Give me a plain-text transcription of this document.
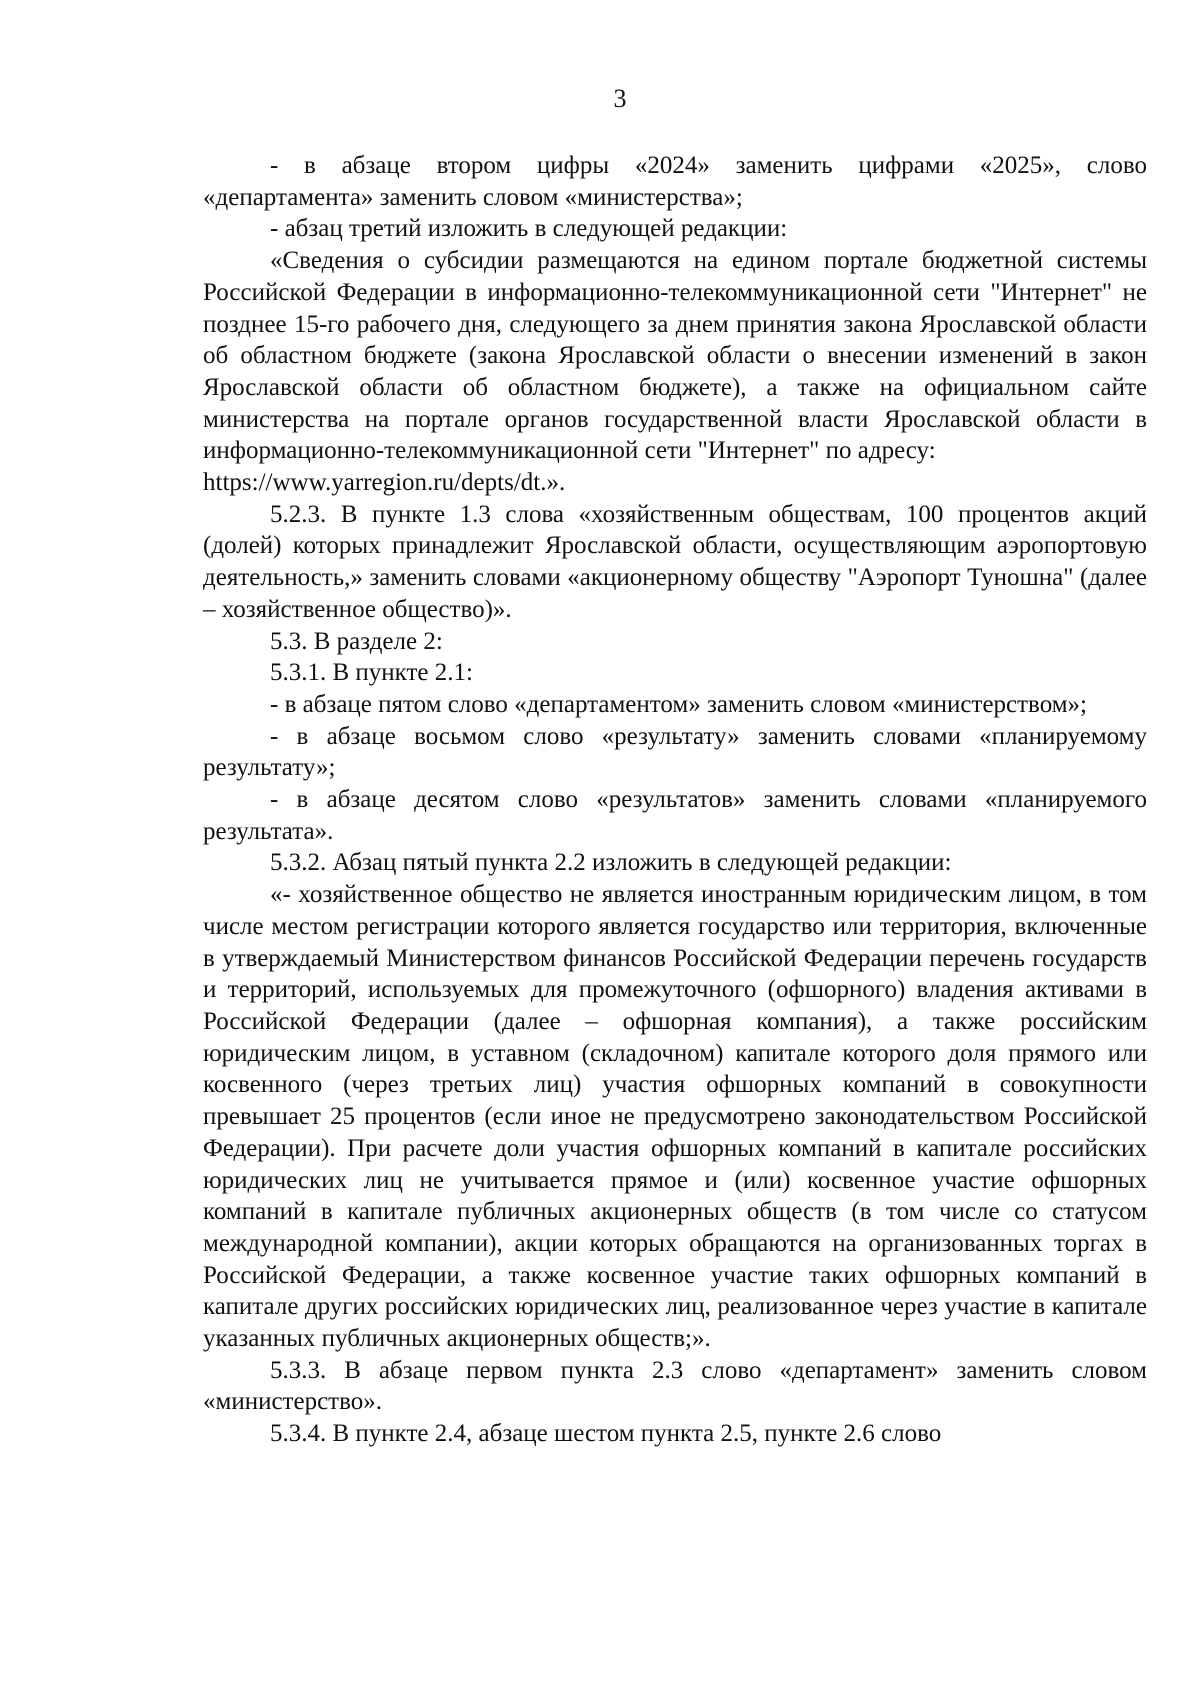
3

- в абзаце втором цифры «2024» заменить цифрами «2025», слово «департамента» заменить словом «министерства»;

- абзац третий изложить в следующей редакции:

«Сведения о субсидии размещаются на едином портале бюджетной системы Российской Федерации в информационно-телекоммуникационной сети "Интернет" не позднее 15-го рабочего дня, следующего за днем принятия закона Ярославской области об областном бюджете (закона Ярославской области о внесении изменений в закон Ярославской области об областном бюджете), а также на официальном сайте министерства на портале органов государственной власти Ярославской области в информационно-телекоммуникационной сети "Интернет" по адресу:

https://www.yarregion.ru/depts/dt.».

5.2.3. В пункте 1.3 слова «хозяйственным обществам, 100 процентов акций (долей) которых принадлежит Ярославской области, осуществляющим аэропортовую деятельность,» заменить словами «акционерному обществу "Аэропорт Туношна" (далее – хозяйственное общество)».

5.3. В разделе 2:

5.3.1. В пункте 2.1:

- в абзаце пятом слово «департаментом» заменить словом «министерством»;

- в абзаце восьмом слово «результату» заменить словами «планируемому результату»;

- в абзаце десятом слово «результатов» заменить словами «планируемого результата».

5.3.2. Абзац пятый пункта 2.2 изложить в следующей редакции:

«- хозяйственное общество не является иностранным юридическим лицом, в том числе местом регистрации которого является государство или территория, включенные в утверждаемый Министерством финансов Российской Федерации перечень государств и территорий, используемых для промежуточного (офшорного) владения активами в Российской Федерации (далее – офшорная компания), а также российским юридическим лицом, в уставном (складочном) капитале которого доля прямого или косвенного (через третьих лиц) участия офшорных компаний в совокупности превышает 25 процентов (если иное не предусмотрено законодательством Российской Федерации). При расчете доли участия офшорных компаний в капитале российских юридических лиц не учитывается прямое и (или) косвенное участие офшорных компаний в капитале публичных акционерных обществ (в том числе со статусом международной компании), акции которых обращаются на организованных торгах в Российской Федерации, а также косвенное участие таких офшорных компаний в капитале других российских юридических лиц, реализованное через участие в капитале указанных публичных акционерных обществ;».

5.3.3. В абзаце первом пункта 2.3 слово «департамент» заменить словом «министерство».

5.3.4. В пункте 2.4, абзаце шестом пункта 2.5, пункте 2.6 слово
